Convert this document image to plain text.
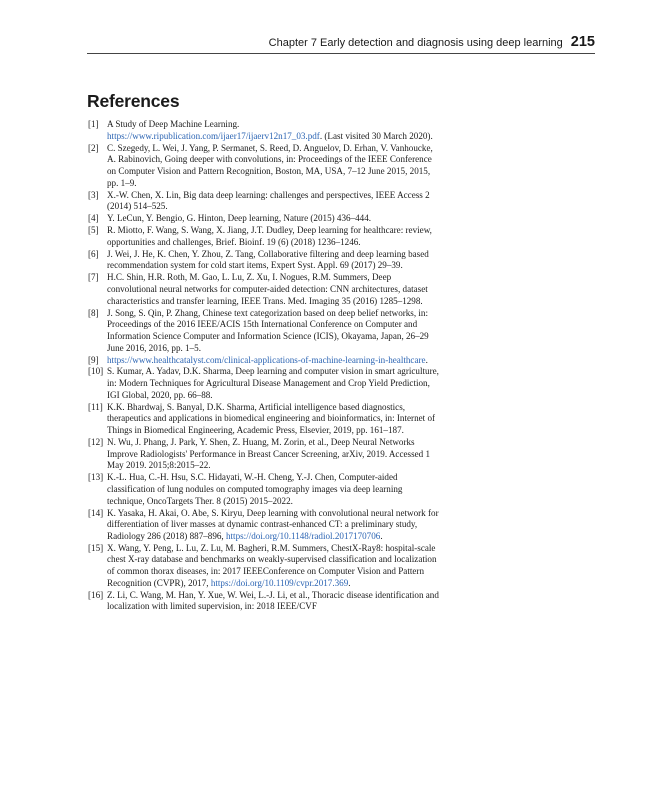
Chapter 7 Early detection and diagnosis using deep learning 215
References
[1] A Study of Deep Machine Learning. https://www.ripublication.com/ijaer17/ijaerv12n17_03.pdf. (Last visited 30 March 2020).
[2] C. Szegedy, L. Wei, J. Yang, P. Sermanet, S. Reed, D. Anguelov, D. Erhan, V. Vanhoucke, A. Rabinovich, Going deeper with convolutions, in: Proceedings of the IEEE Conference on Computer Vision and Pattern Recognition, Boston, MA, USA, 7–12 June 2015, 2015, pp. 1–9.
[3] X.-W. Chen, X. Lin, Big data deep learning: challenges and perspectives, IEEE Access 2 (2014) 514–525.
[4] Y. LeCun, Y. Bengio, G. Hinton, Deep learning, Nature (2015) 436–444.
[5] R. Miotto, F. Wang, S. Wang, X. Jiang, J.T. Dudley, Deep learning for healthcare: review, opportunities and challenges, Brief. Bioinf. 19 (6) (2018) 1236–1246.
[6] J. Wei, J. He, K. Chen, Y. Zhou, Z. Tang, Collaborative filtering and deep learning based recommendation system for cold start items, Expert Syst. Appl. 69 (2017) 29–39.
[7] H.C. Shin, H.R. Roth, M. Gao, L. Lu, Z. Xu, I. Nogues, R.M. Summers, Deep convolutional neural networks for computer-aided detection: CNN architectures, dataset characteristics and transfer learning, IEEE Trans. Med. Imaging 35 (2016) 1285–1298.
[8] J. Song, S. Qin, P. Zhang, Chinese text categorization based on deep belief networks, in: Proceedings of the 2016 IEEE/ACIS 15th International Conference on Computer and Information Science Computer and Information Science (ICIS), Okayama, Japan, 26–29 June 2016, 2016, pp. 1–5.
[9] https://www.healthcatalyst.com/clinical-applications-of-machine-learning-in-healthcare.
[10] S. Kumar, A. Yadav, D.K. Sharma, Deep learning and computer vision in smart agriculture, in: Modern Techniques for Agricultural Disease Management and Crop Yield Prediction, IGI Global, 2020, pp. 66–88.
[11] K.K. Bhardwaj, S. Banyal, D.K. Sharma, Artificial intelligence based diagnostics, therapeutics and applications in biomedical engineering and bioinformatics, in: Internet of Things in Biomedical Engineering, Academic Press, Elsevier, 2019, pp. 161–187.
[12] N. Wu, J. Phang, J. Park, Y. Shen, Z. Huang, M. Zorin, et al., Deep Neural Networks Improve Radiologists' Performance in Breast Cancer Screening, arXiv, 2019. Accessed 1 May 2019. 2015;8:2015–22.
[13] K.-L. Hua, C.-H. Hsu, S.C. Hidayati, W.-H. Cheng, Y.-J. Chen, Computer-aided classification of lung nodules on computed tomography images via deep learning technique, OncoTargets Ther. 8 (2015) 2015–2022.
[14] K. Yasaka, H. Akai, O. Abe, S. Kiryu, Deep learning with convolutional neural network for differentiation of liver masses at dynamic contrast-enhanced CT: a preliminary study, Radiology 286 (2018) 887–896, https://doi.org/10.1148/radiol.2017170706.
[15] X. Wang, Y. Peng, L. Lu, Z. Lu, M. Bagheri, R.M. Summers, ChestX-Ray8: hospital-scale chest X-ray database and benchmarks on weakly-supervised classification and localization of common thorax diseases, in: 2017 IEEEConference on Computer Vision and Pattern Recognition (CVPR), 2017, https://doi.org/10.1109/cvpr.2017.369.
[16] Z. Li, C. Wang, M. Han, Y. Xue, W. Wei, L.-J. Li, et al., Thoracic disease identification and localization with limited supervision, in: 2018 IEEE/CVF
